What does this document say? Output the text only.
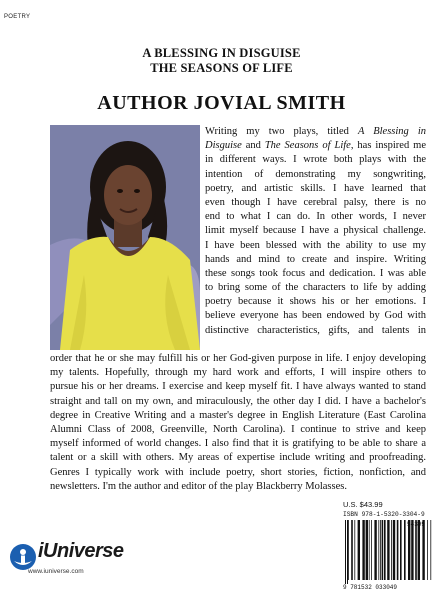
POETRY
A BLESSING IN DISGUISE
THE SEASONS OF LIFE
AUTHOR JOVIAL SMITH
Writing my two plays, titled A Blessing in
Disguise and The Seasons of Life, has inspired me
in different ways. I wrote both plays with the
intention of demonstrating my songwriting,
poetry, and artistic skills. I have learned that
even though I have cerebral palsy, there is no
end to what I can do. In other words, I never
limit myself because I have a physical challenge.
I have been blessed with the ability to use my
hands and mind to create and inspire. Writing
these songs took focus and dedication. I was able
to bring some of the characters to life by adding
poetry because it shows his or her emotions. I
believe everyone has been endowed by God with
distinctive characteristics, gifts, and talents in
order that he or she may fulfill his or her God-given purpose in life. I enjoy developing
my talents. Hopefully, through my hard work and efforts, I will inspire others to
pursue his or her dreams. I exercise and keep myself fit. I have always wanted to stand
straight and tall on my own, and miraculously, the other day I did. I have a bachelor's
degree in Creative Writing and a master's degree in English Literature (East Carolina
Alumni Class of 2008, Greenville, North Carolina). I continue to strive and keep
myself informed of world changes. I also find that it is gratifying to be able to share a
talent or a skill with others. My areas of expertise include writing and proofreading.
Genres I typically work with include poetry, short stories, fiction, nonfiction, and
newsletters. I'm the author and editor of the play Blackberry Molasses.
iUniverse
www.iuniverse.com
U.S. $43.99
ISBN 978-1-5320-3304-9
9 781532 033049
54399
